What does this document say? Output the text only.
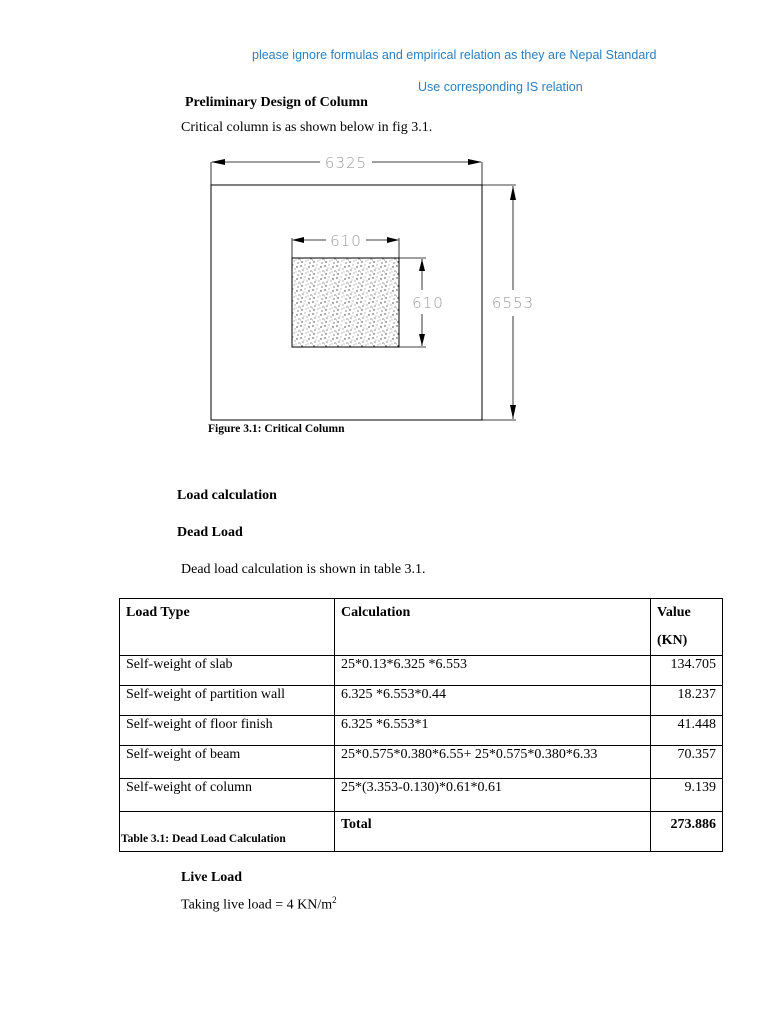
please ignore formulas and empirical relation as they are Nepal Standard
Use corresponding IS relation
Preliminary Design of Column
Critical column is as shown below in fig 3.1.
6325
6553
610
610
Figure 3.1: Critical Column
Load calculation
Dead Load
Dead load calculation is shown in table 3.1.
Load Type	Calculation	Value
(KN)

Self-weight of slab	25*0.13*6.325 *6.553	134.705
Self-weight of partition wall	6.325 *6.553*0.44	18.237
Self-weight of floor finish	6.325 *6.553*1	41.448
Self-weight of beam	25*0.575*0.380*6.55+ 25*0.575*0.380*6.33	70.357
Self-weight of column	25*(3.353-0.130)*0.61*0.61	9.139
	Total	273.886
Table 3.1: Dead Load Calculation
Live Load
Taking live load = 4 $KN/m^2$
